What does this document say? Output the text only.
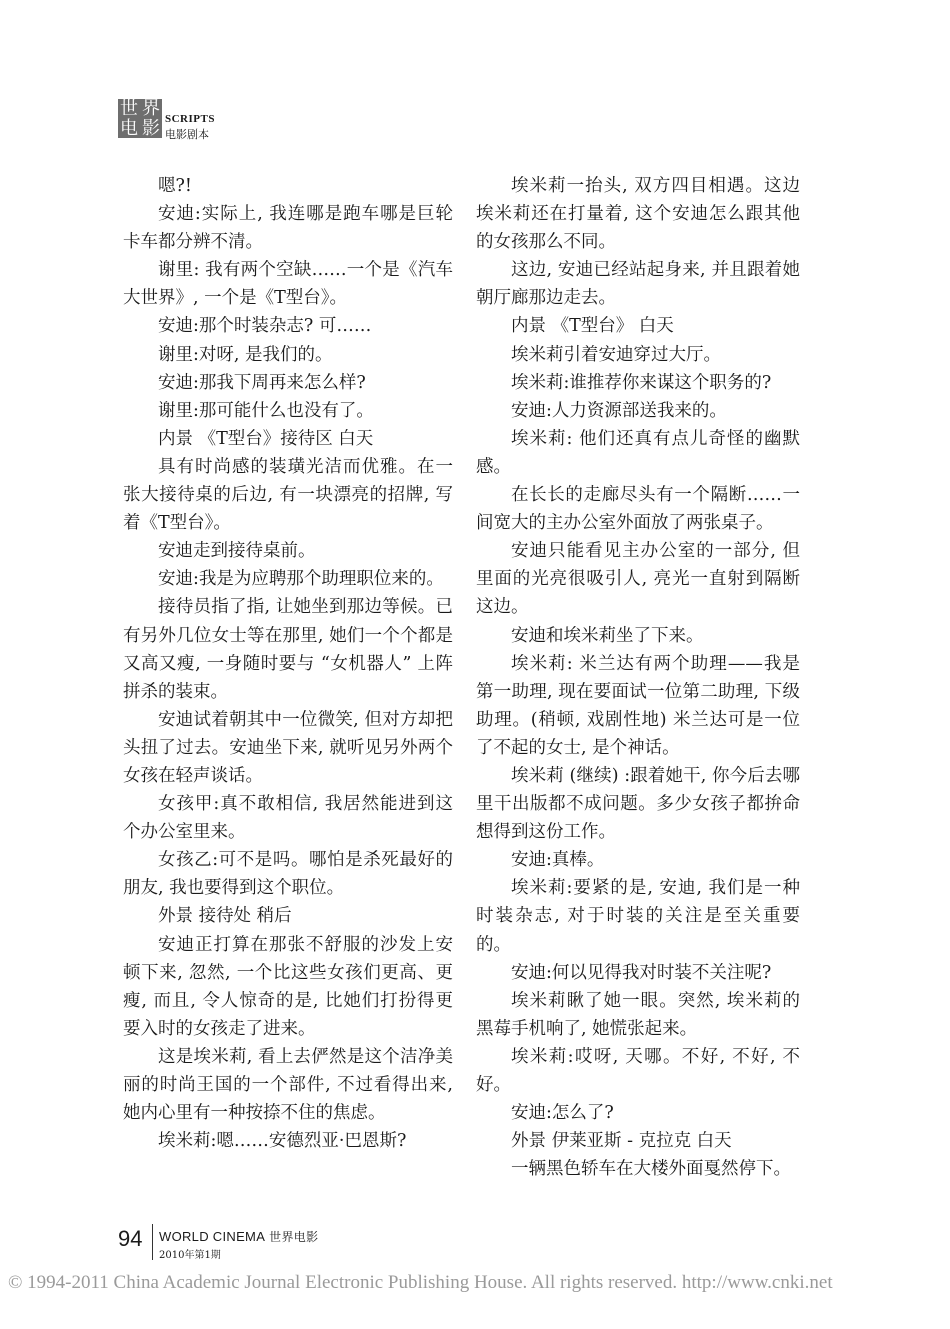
世 界
电 影 SCRIPTS
电影剧本

嗯?!

安迪:实际上, 我连哪是跑车哪是巨轮卡车都分辨不清。

谢里: 我有两个空缺……一个是《汽车大世界》, 一个是《T型台》。

安迪:那个时装杂志? 可……

谢里:对呀, 是我们的。

安迪:那我下周再来怎么样?

谢里:那可能什么也没有了。

内景 《T型台》接待区 白天

具有时尚感的装璜光洁而优雅。在一张大接待桌的后边, 有一块漂亮的招牌, 写着《T型台》。

安迪走到接待桌前。

安迪:我是为应聘那个助理职位来的。

接待员指了指, 让她坐到那边等候。已有另外几位女士等在那里, 她们一个个都是又高又瘦, 一身随时要与 “女机器人” 上阵拼杀的装束。

安迪试着朝其中一位微笑, 但对方却把头扭了过去。安迪坐下来, 就听见另外两个女孩在轻声谈话。

女孩甲:真不敢相信, 我居然能进到这个办公室里来。

女孩乙:可不是吗。哪怕是杀死最好的朋友, 我也要得到这个职位。

外景 接待处 稍后

安迪正打算在那张不舒服的沙发上安顿下来, 忽然, 一个比这些女孩们更高、更瘦, 而且, 令人惊奇的是, 比她们打扮得更要入时的女孩走了进来。

这是埃米莉, 看上去俨然是这个洁净美丽的时尚王国的一个部件, 不过看得出来, 她内心里有一种按捺不住的焦虑。

埃米莉:嗯……安德烈亚·巴恩斯?

埃米莉一抬头, 双方四目相遇。这边埃米莉还在打量着, 这个安迪怎么跟其他的女孩那么不同。

这边, 安迪已经站起身来, 并且跟着她朝厅廊那边走去。

内景 《T型台》 白天

埃米莉引着安迪穿过大厅。

埃米莉:谁推荐你来谋这个职务的?

安迪:人力资源部送我来的。

埃米莉: 他们还真有点儿奇怪的幽默感。

在长长的走廊尽头有一个隔断……一间宽大的主办公室外面放了两张桌子。

安迪只能看见主办公室的一部分, 但里面的光亮很吸引人, 亮光一直射到隔断这边。

安迪和埃米莉坐了下来。

埃米莉: 米兰达有两个助理——我是第一助理, 现在要面试一位第二助理, 下级助理。(稍顿, 戏剧性地) 米兰达可是一位了不起的女士, 是个神话。

埃米莉 (继续) :跟着她干, 你今后去哪里干出版都不成问题。多少女孩子都拚命想得到这份工作。

安迪:真棒。

埃米莉:要紧的是, 安迪, 我们是一种时装杂志, 对于时装的关注是至关重要的。

安迪:何以见得我对时装不关注呢?

埃米莉瞅了她一眼。突然, 埃米莉的黑莓手机响了, 她慌张起来。

埃米莉:哎呀, 天哪。不好, 不好, 不好。

安迪:怎么了?

外景 伊莱亚斯 - 克拉克 白天

一辆黑色轿车在大楼外面戛然停下。

94 WORLD CINEMA 世界电影
2010年第1期
© 1994-2011 China Academic Journal Electronic Publishing House. All rights reserved. http://www.cnki.net
